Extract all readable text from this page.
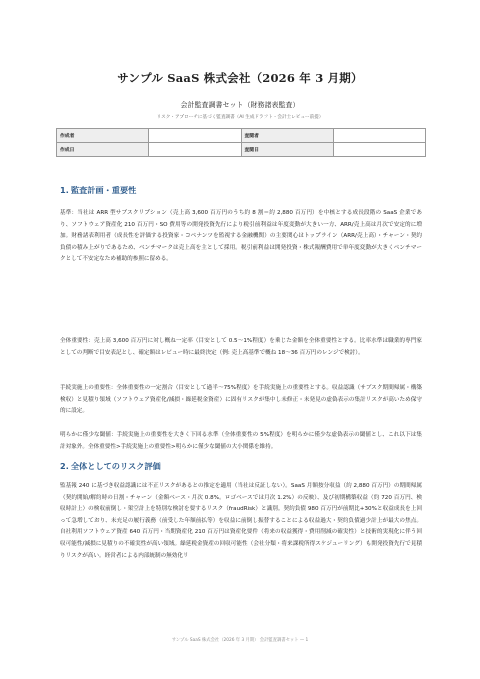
サンプル SaaS 株式会社（2026 年 3 月期）
会計監査調書セット（財務諸表監査）
リスク・アプローチに基づく監査調書（AI 生成ドラフト・会計士レビュー前提）
作成者		査閲者	
作成日		査閲日	
1. 監査計画・重要性
基準：当社は ARR 型サブスクリプション（売上高 3,600 百万円のうち約 8 割＝約 2,880 百万円）を中核とする成長段階の SaaS 企業であり、ソフトウェア資産化 210 百万円・SO 費用等の開発投資先行により税引前利益は年度変動が大きい一方、ARR/売上高は月次で安定的に増加。財務諸表利用者（成長性を評価する投資家・コベナンツを監視する金融機関）の主要関心はトップライン（ARR/売上高）・チャーン・契約負債の積み上がりであるため、ベンチマークは売上高を主として採用。税引前利益は開発投資・株式報酬費用で単年度変動が大きくベンチマークとして不安定なため補助的参照に留める。
全体重要性：売上高 3,600 百万円に対し概ね一定率（目安として 0.5〜1%程度）を乗じた金額を全体重要性とする。比率水準は職業的専門家としての判断で目安表記とし、確定額はレビュー時に最終決定（例: 売上高基準で概ね 18〜36 百万円のレンジで検討）。
手続実施上の重要性：全体重要性の一定割合（目安として過半〜75%程度）を手続実施上の重要性とする。収益認識（サブスク期間帰属・構築検収）と見積り領域（ソフトウェア資産化/減損・繰延税金資産）に固有リスクが集中し未修正・未発見の虚偽表示の集計リスクが高いため保守的に設定。
明らかに僅少な閾値：手続実施上の重要性を大きく下回る水準（全体重要性の 5%程度）を明らかに僅少な虚偽表示の閾値とし、これ以下は集計対象外。全体重要性>手続実施上の重要性>明らかに僅少な閾値の大小関係を維持。
2. 全体としてのリスク評価
監基報 240 に基づき収益認識には不正リスクがあるとの推定を適用（当社は反証しない）。SaaS 月額按分収益（約 2,880 百万円）の期間帰属（契約開始/解約時の日割・チャーン（金額ベース・月次 0.8%。ロゴベースでは月次 1.2%）の反映）、及び初期構築収益（約 720 百万円、検収時計上）の検収前倒し・架空計上を特別な検討を要するリスク（fraudRisk）と識別。契約負債 980 百万円が前期比+30%と収益成長を上回って急増しており、未充足の履行義務（前受した年額前払等）を収益に前倒し振替することによる収益過大・契約負債過少計上が最大の焦点。自社利用ソフトウェア資産 640 百万円・当期資産化 210 百万円は資産化要件（将来の収益獲得・費用削減の確実性）と技術的実現化に伴う回収可能性/減損に見積りの不確実性が高い領域。繰延税金資産の回収可能性（会社分類・将来課税所得スケジューリング）も開発投資先行で見積りリスクが高い。経営者による内部統制の無効化リ
サンプル SaaS 株式会社（2026 年 3 月期） 会計監査調書セット — 1
